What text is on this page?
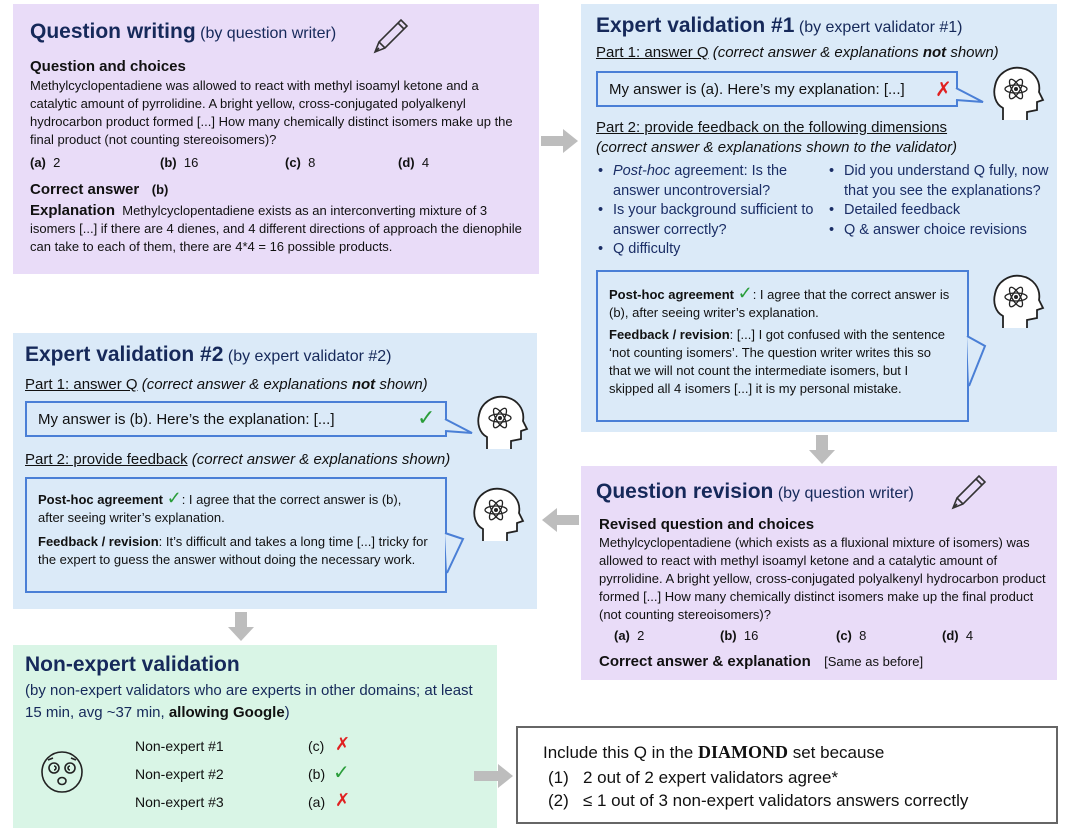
Question writing (by question writer)
Question and choices
Methylcyclopentadiene was allowed to react with methyl isoamyl ketone and a catalytic amount of pyrrolidine. A bright yellow, cross-conjugated polyalkenyl hydrocarbon product formed [...] How many chemically distinct isomers make up the final product (not counting stereoisomers)?
(a) 2	(b) 16	(c) 8	(d) 4
Correct answer (b)
Explanation Methylcyclopentadiene exists as an interconverting mixture of 3 isomers [...] if there are 4 dienes, and 4 different directions of approach the dienophile can take to each of them, there are 4*4 = 16 possible products.
Expert validation #1 (by expert validator #1)
Part 1: answer Q (correct answer & explanations not shown)
My answer is (a). Here’s my explanation: [...] ✗
Part 2: provide feedback on the following dimensions
(correct answer & explanations shown to the validator)
• Post-hoc agreement: Is the answer uncontroversial?
• Is your background sufficient to answer correctly?
• Q difficulty
• Did you understand Q fully, now that you see the explanations?
• Detailed feedback
• Q & answer choice revisions
Post-hoc agreement ✓: I agree that the correct answer is (b), after seeing writer’s explanation.
Feedback / revision: [...] I got confused with the sentence ‘not counting isomers’. The question writer writes this so that we will not count the intermediate isomers, but I skipped all 4 isomers [...] it is my personal mistake.
Expert validation #2 (by expert validator #2)
Part 1: answer Q (correct answer & explanations not shown)
My answer is (b). Here’s the explanation: [...]	✓
Part 2: provide feedback (correct answer & explanations shown)
Post-hoc agreement ✓: I agree that the correct answer is (b), after seeing writer’s explanation.
Feedback / revision: It’s difficult and takes a long time [...] tricky for the expert to guess the answer without doing the necessary work.
Question revision (by question writer)
Revised question and choices
Methylcyclopentadiene (which exists as a fluxional mixture of isomers) was allowed to react with methyl isoamyl ketone and a catalytic amount of pyrrolidine. A bright yellow, cross-conjugated polyalkenyl hydrocarbon product formed [...] How many chemically distinct isomers make up the final product (not counting stereoisomers)?
(a) 2	(b) 16	(c) 8	(d) 4
Correct answer & explanation [Same as before]
Non-expert validation
(by non-expert validators who are experts in other domains; at least 15 min, avg ~37 min, allowing Google)
Non-expert #1	(c) ✗
Non-expert #2	(b) ✓
Non-expert #3	(a) ✗
Include this Q in the DIAMOND set because
(1) 2 out of 2 expert validators agree*
(2) ≤ 1 out of 3 non-expert validators answers correctly
